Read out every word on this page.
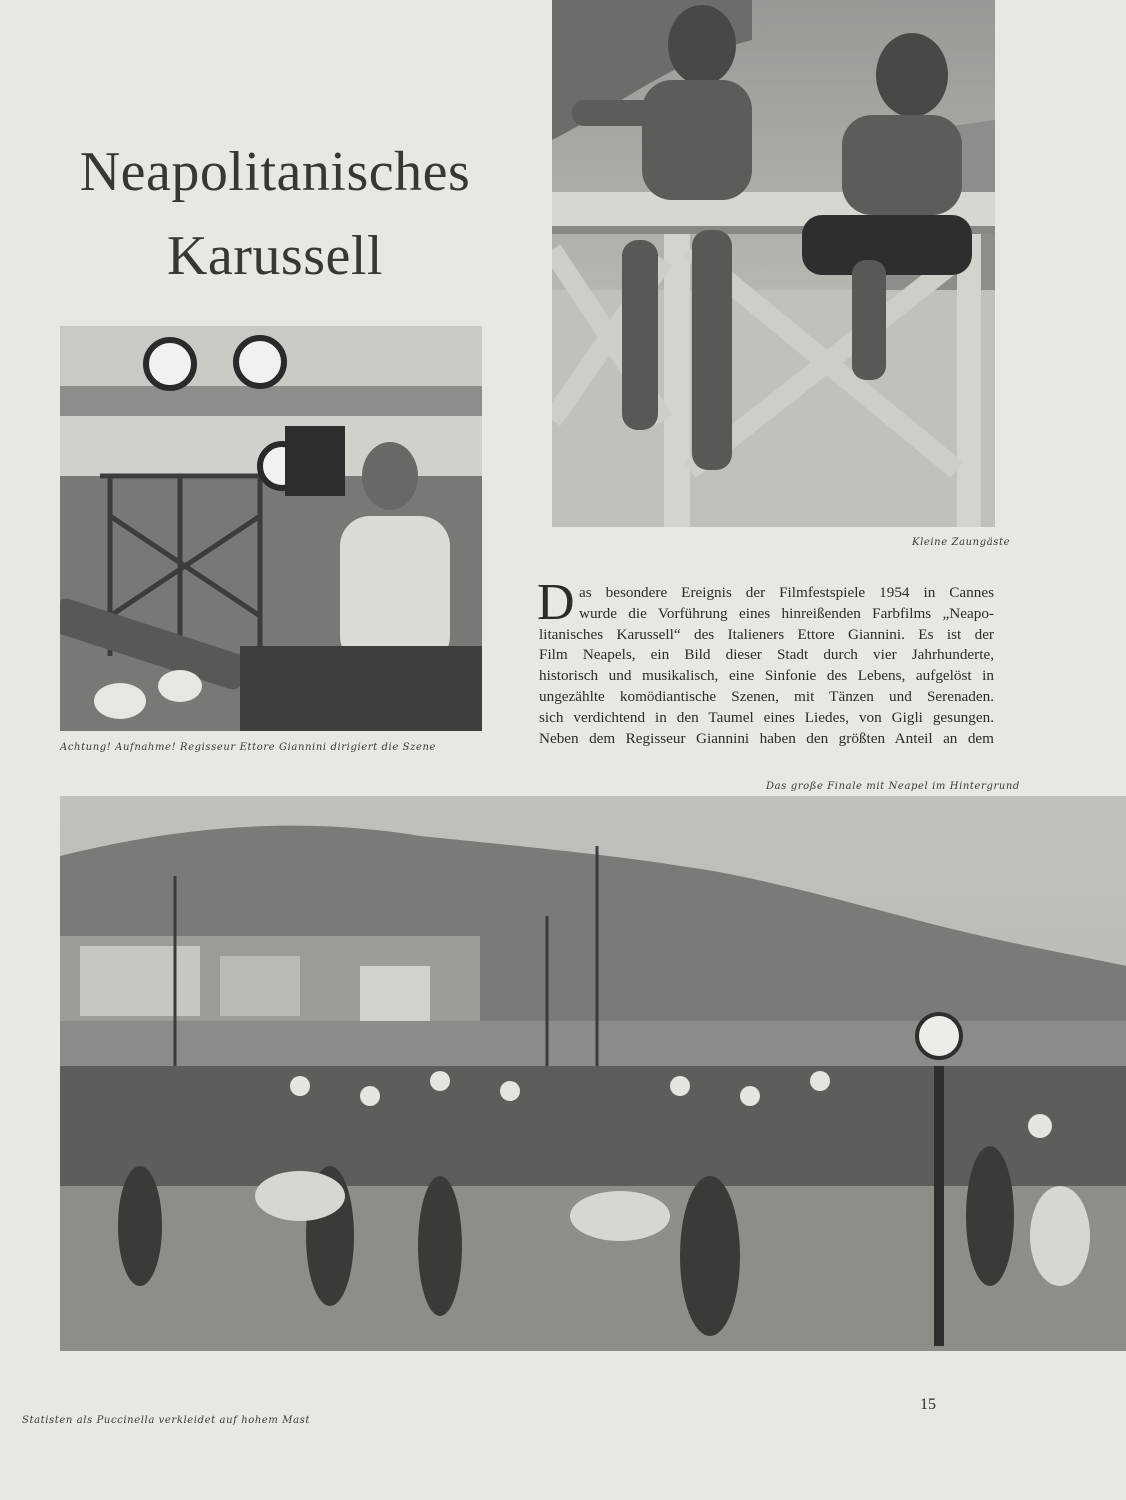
Neapolitanisches
Karussell
Kleine Zaungäste
Achtung! Aufnahme! Regisseur Ettore Giannini dirigiert die Szene
D as besondere Ereignis der Filmfestspiele 1954 in Cannes
wurde die Vorführung eines hinreißenden Farbfilms „Neapo-
litanisches Karussell“ des Italieners Ettore Giannini. Es ist der
Film Neapels, ein Bild dieser Stadt durch vier Jahrhunderte,
historisch und musikalisch, eine Sinfonie des Lebens, aufgelöst in
ungezählte komödiantische Szenen, mit Tänzen und Serenaden.
sich verdichtend in den Taumel eines Liedes, von Gigli gesungen.
Neben dem Regisseur Giannini haben den größten Anteil an dem
Das große Finale mit Neapel im Hintergrund
Statisten als Puccinella verkleidet auf hohem Mast
15
